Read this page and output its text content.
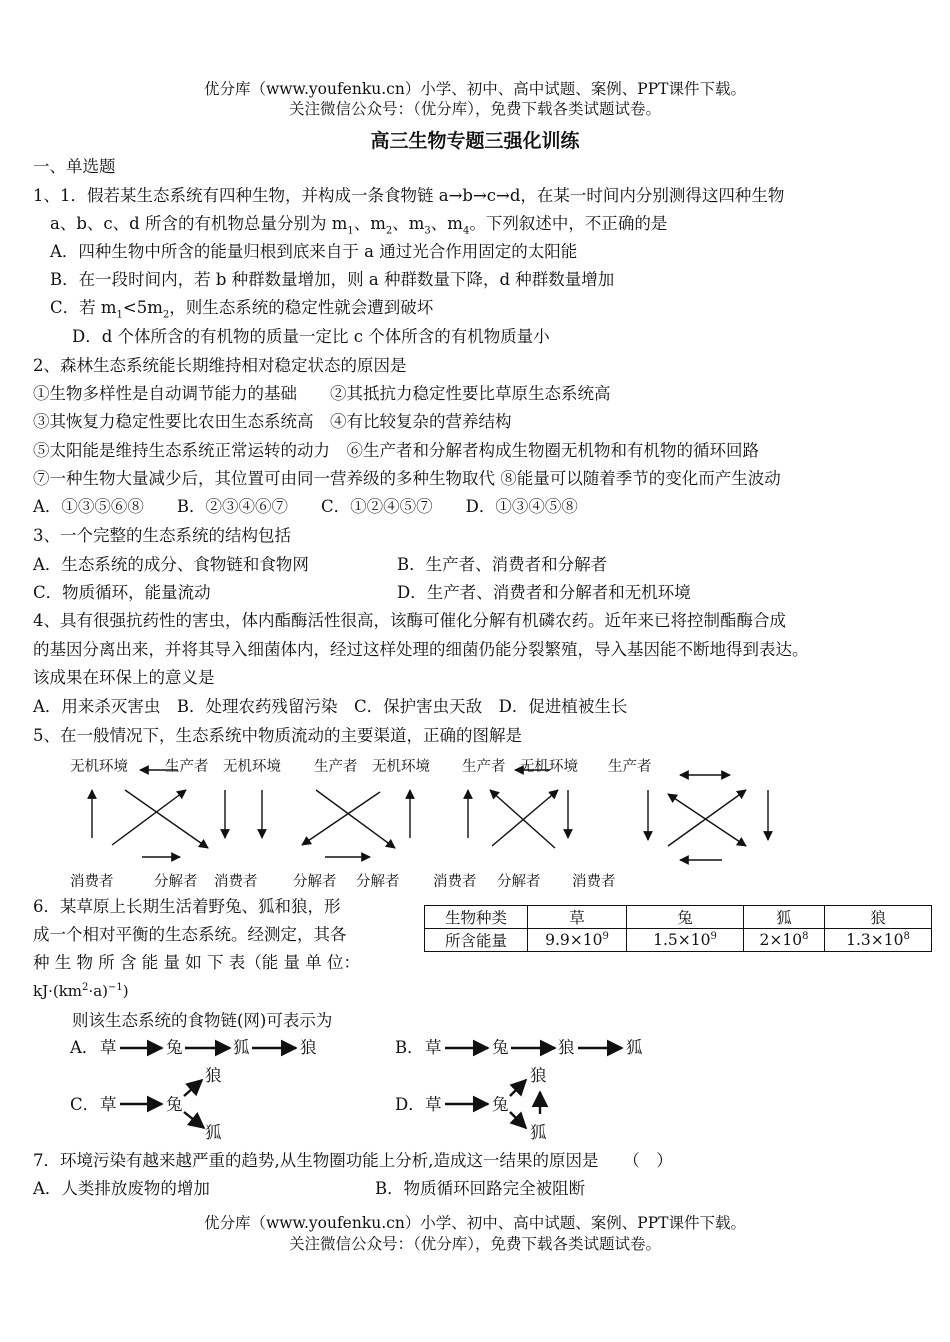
优分库（www.youfenku.cn）小学、初中、高中试题、案例、PPT课件下载。
关注微信公众号：（优分库），免费下载各类试题试卷。
高三生物专题三强化训练
一、单选题
1、1．假若某生态系统有四种生物，并构成一条食物链 a→b→c→d，在某一时间内分别测得这四种生物
a、b、c、d 所含的有机物总量分别为 $m_1$、$m_2$、$m_3$、$m_4$。下列叙述中，不正确的是
A．四种生物中所含的能量归根到底来自于 a 通过光合作用固定的太阳能
B．在一段时间内，若 b 种群数量增加，则 a 种群数量下降，d 种群数量增加
C．若 $m_1<5m_2$，则生态系统的稳定性就会遭到破坏
D．d 个体所含的有机物的质量一定比 c 个体所含的有机物质量小
2、森林生态系统能长期维持相对稳定状态的原因是
①生物多样性是自动调节能力的基础　　②其抵抗力稳定性要比草原生态系统高
③其恢复力稳定性要比农田生态系统高　④有比较复杂的营养结构
⑤太阳能是维持生态系统正常运转的动力　⑥生产者和分解者构成生物圈无机物和有机物的循环回路
⑦一种生物大量减少后，其位置可由同一营养级的多种生物取代 ⑧能量可以随着季节的变化而产生波动
A．①③⑤⑥⑧　　B．②③④⑥⑦　　C．①②④⑤⑦　　D．①③④⑤⑧
3、一个完整的生态系统的结构包括
A．生态系统的成分、食物链和食物网	B．生产者、消费者和分解者
C．物质循环，能量流动	D．生产者、消费者和分解者和无机环境
4、具有很强抗药性的害虫，体内酯酶活性很高，该酶可催化分解有机磷农药。近年来已将控制酯酶合成
的基因分离出来，并将其导入细菌体内，经过这样处理的细菌仍能分裂繁殖，导入基因能不断地得到表达。
该成果在环保上的意义是
A．用来杀灭害虫　B．处理农药残留污染　C．保护害虫天敌　D．促进植被生长
5、在一般情况下，生态系统中物质流动的主要渠道，正确的图解是
无机环境	生产者 无机环境 生产者 无机环境 生产者 无机环境 生产者
消费者	分解者 消费者 分解者 分解者 消费者 分解者 消费者
6．某草原上长期生活着野兔、狐和狼，形
成一个相对平衡的生态系统。经测定，其各
种 生 物 所 含 能 量 如 下 表（能 量 单 位：
$kJ\cdot(km^2\cdot a)^{-1}$)
生物种类	草	兔	狐	狼
所含能量	$9.9\times 10^9$	$1.5\times 10^9$	$2\times 10^8$	$1.3\times 10^8$
则该生态系统的食物链(网)可表示为
A． 草	兔	狐	狼	B． 草	兔	狼	狐
C． 草	兔
狼
狐
D． 草	兔
狼
狐
7．环境污染有越来越严重的趋势,从生物圈功能上分析,造成这一结果的原因是　　（　）
A．人类排放废物的增加	B．物质循环回路完全被阻断
优分库（www.youfenku.cn）小学、初中、高中试题、案例、PPT课件下载。
关注微信公众号：（优分库），免费下载各类试题试卷。
